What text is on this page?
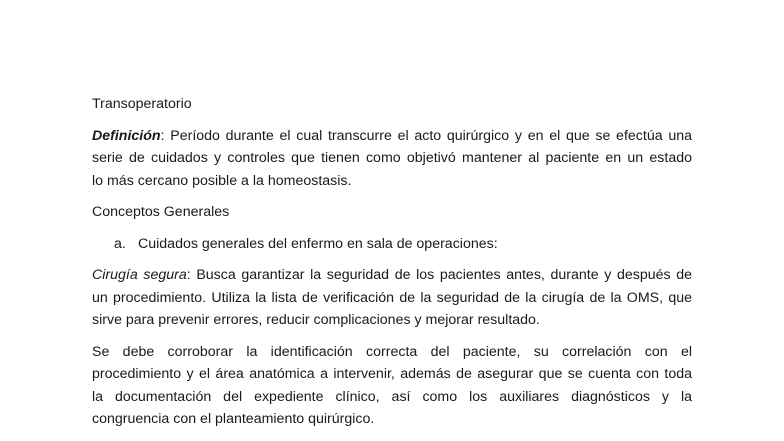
Transoperatorio

Definición: Período durante el cual transcurre el acto quirúrgico y en el que se efectúa una
serie de cuidados y controles que tienen como objetivó mantener al paciente en un estado
lo más cercano posible a la homeostasis.

Conceptos Generales

a. Cuidados generales del enfermo en sala de operaciones:
Cirugía segura: Busca garantizar la seguridad de los pacientes antes, durante y después de
un procedimiento. Utiliza la lista de verificación de la seguridad de la cirugía de la OMS, que
sirve para prevenir errores, reducir complicaciones y mejorar resultado.
Se debe corroborar la identificación correcta del paciente, su correlación con el
procedimiento y el área anatómica a intervenir, además de asegurar que se cuenta con toda
la documentación del expediente clínico, así como los auxiliares diagnósticos y la
congruencia con el planteamiento quirúrgico.
